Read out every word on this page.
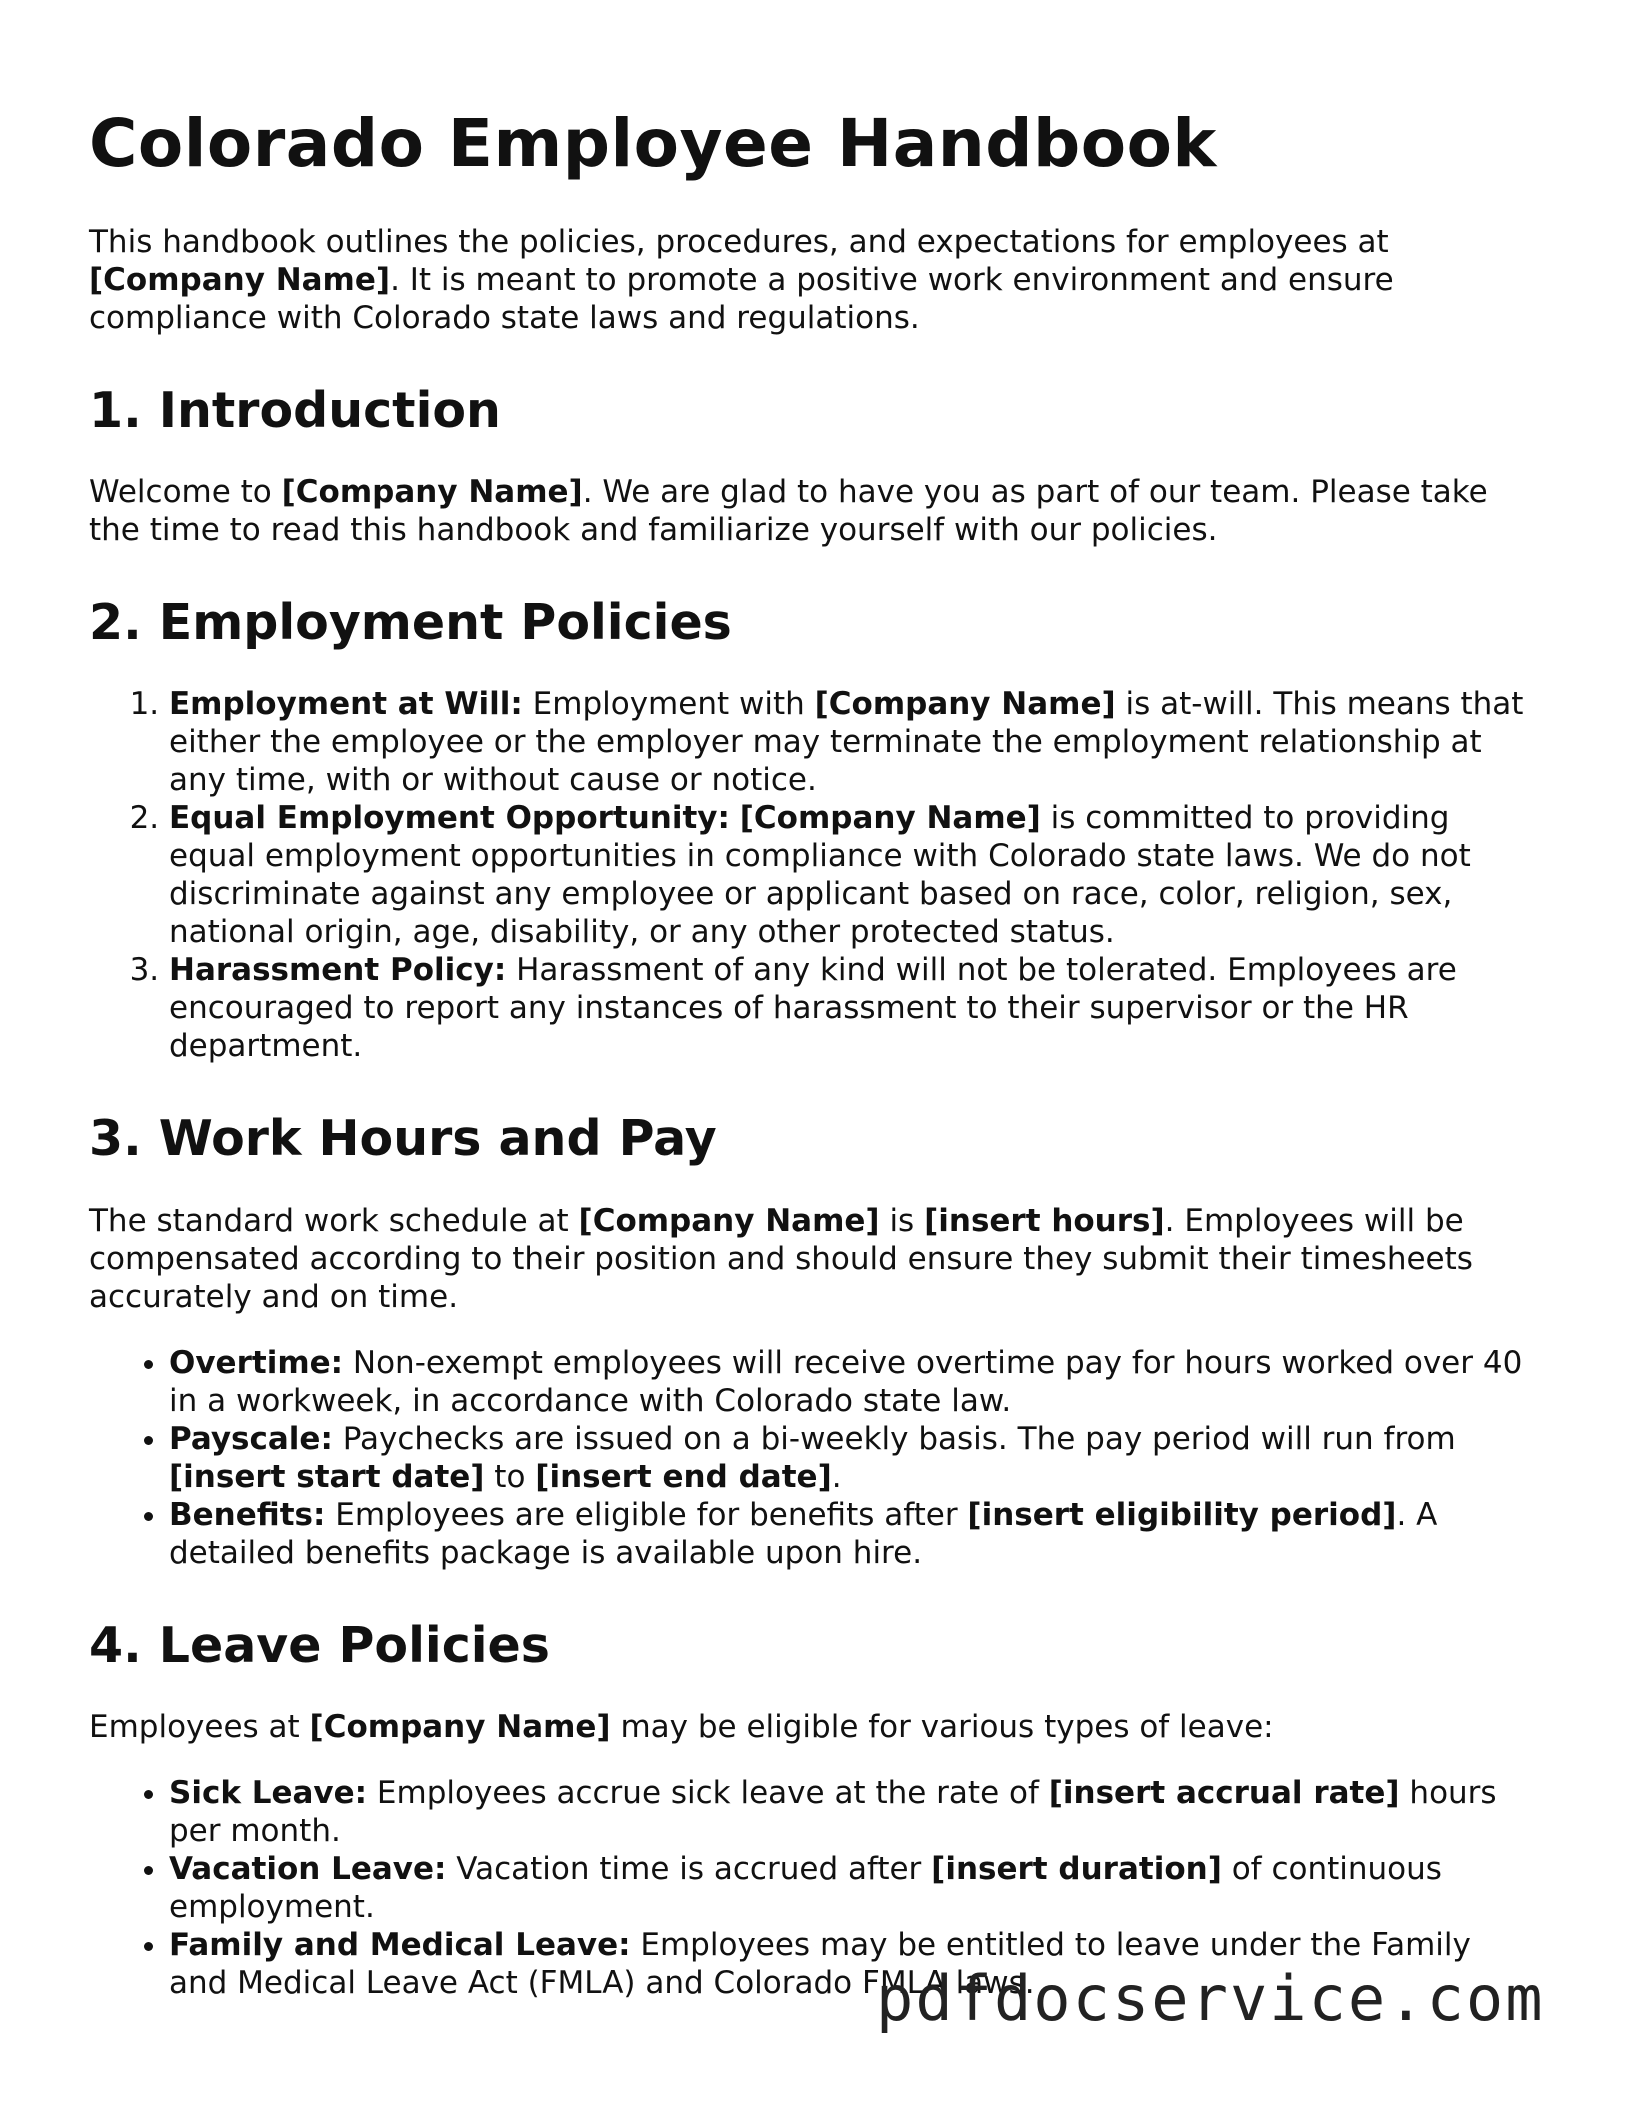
Colorado Employee Handbook

This handbook outlines the policies, procedures, and expectations for employees at [Company Name]. It is meant to promote a positive work environment and ensure compliance with Colorado state laws and regulations.

1. Introduction

Welcome to [Company Name]. We are glad to have you as part of our team. Please take the time to read this handbook and familiarize yourself with our policies.

2. Employment Policies
1. Employment at Will: Employment with [Company Name] is at-will. This means that either the employee or the employer may terminate the employment relationship at any time, with or without cause or notice.
2. Equal Employment Opportunity: [Company Name] is committed to providing equal employment opportunities in compliance with Colorado state laws. We do not discriminate against any employee or applicant based on race, color, religion, sex, national origin, age, disability, or any other protected status.
3. Harassment Policy: Harassment of any kind will not be tolerated. Employees are encouraged to report any instances of harassment to their supervisor or the HR department.
3. Work Hours and Pay

The standard work schedule at [Company Name] is [insert hours]. Employees will be compensated according to their position and should ensure they submit their timesheets accurately and on time.

• Overtime: Non-exempt employees will receive overtime pay for hours worked over 40 in a workweek, in accordance with Colorado state law.
• Payscale: Paychecks are issued on a bi-weekly basis. The pay period will run from [insert start date] to [insert end date].
• Benefits: Employees are eligible for benefits after [insert eligibility period]. A detailed benefits package is available upon hire.
4. Leave Policies

Employees at [Company Name] may be eligible for various types of leave:

• Sick Leave: Employees accrue sick leave at the rate of [insert accrual rate] hours per month.
• Vacation Leave: Vacation time is accrued after [insert duration] of continuous employment.
• Family and Medical Leave: Employees may be entitled to leave under the Family and Medical Leave Act (FMLA) and Colorado FMLA laws.
pdfdocservice.com
